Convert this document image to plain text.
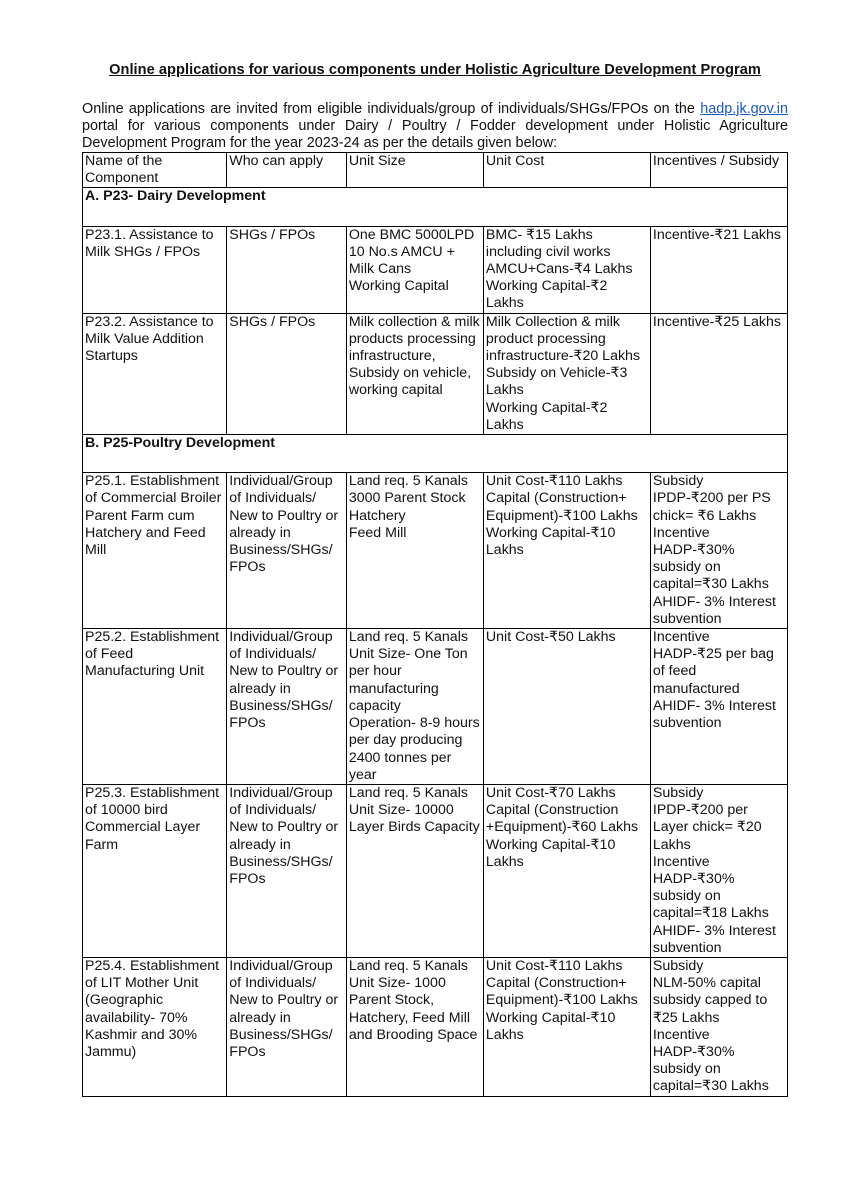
Online applications for various components under Holistic Agriculture Development Program

Online applications are invited from eligible individuals/group of individuals/SHGs/FPOs on the hadp.jk.gov.in portal for various components under Dairy / Poultry / Fodder development under Holistic Agriculture Development Program for the year 2023-24 as per the details given below:

Name of the Component	Who can apply	Unit Size	Unit Cost	Incentives / Subsidy
A. P23- Dairy Development				
P23.1. Assistance to Milk SHGs / FPOs	SHGs / FPOs	One BMC 5000LPD
10 No.s AMCU + Milk Cans
Working Capital	BMC- ₹15 Lakhs including civil works
AMCU+Cans-₹4 Lakhs
Working Capital-₹2 Lakhs	Incentive-₹21 Lakhs
P23.2. Assistance to Milk Value Addition Startups	SHGs / FPOs	Milk collection & milk products processing infrastructure, Subsidy on vehicle, working capital	Milk Collection & milk product processing infrastructure-₹20 Lakhs
Subsidy on Vehicle-₹3 Lakhs
Working Capital-₹2 Lakhs	Incentive-₹25 Lakhs
B. P25-Poultry Development				
P25.1. Establishment of Commercial Broiler Parent Farm cum Hatchery and Feed Mill	Individual/Group of Individuals/ New to Poultry or already in Business/SHGs/ FPOs	Land req. 5 Kanals
3000 Parent Stock
Hatchery
Feed Mill	Unit Cost-₹110 Lakhs
Capital (Construction+ Equipment)-₹100 Lakhs
Working Capital-₹10 Lakhs	Subsidy
IPDP-₹200 per PS chick= ₹6 Lakhs
Incentive
HADP-₹30% subsidy on capital=₹30 Lakhs
AHIDF- 3% Interest subvention
P25.2. Establishment of Feed Manufacturing Unit	Individual/Group of Individuals/ New to Poultry or already in Business/SHGs/ FPOs	Land req. 5 Kanals
Unit Size- One Ton per hour manufacturing capacity
Operation- 8-9 hours per day producing 2400 tonnes per year	Unit Cost-₹50 Lakhs	Incentive
HADP-₹25 per bag of feed manufactured
AHIDF- 3% Interest subvention
P25.3. Establishment of 10000 bird Commercial Layer Farm	Individual/Group of Individuals/ New to Poultry or already in Business/SHGs/ FPOs	Land req. 5 Kanals
Unit Size- 10000 Layer Birds Capacity	Unit Cost-₹70 Lakhs
Capital (Construction +Equipment)-₹60 Lakhs
Working Capital-₹10 Lakhs	Subsidy
IPDP-₹200 per Layer chick= ₹20 Lakhs
Incentive
HADP-₹30% subsidy on capital=₹18 Lakhs
AHIDF- 3% Interest subvention
P25.4. Establishment of LIT Mother Unit (Geographic availability- 70% Kashmir and 30% Jammu)	Individual/Group of Individuals/ New to Poultry or already in Business/SHGs/ FPOs	Land req. 5 Kanals
Unit Size- 1000 Parent Stock, Hatchery, Feed Mill and Brooding Space	Unit Cost-₹110 Lakhs
Capital (Construction+ Equipment)-₹100 Lakhs
Working Capital-₹10 Lakhs	Subsidy
NLM-50% capital subsidy capped to ₹25 Lakhs
Incentive
HADP-₹30% subsidy on capital=₹30 Lakhs
